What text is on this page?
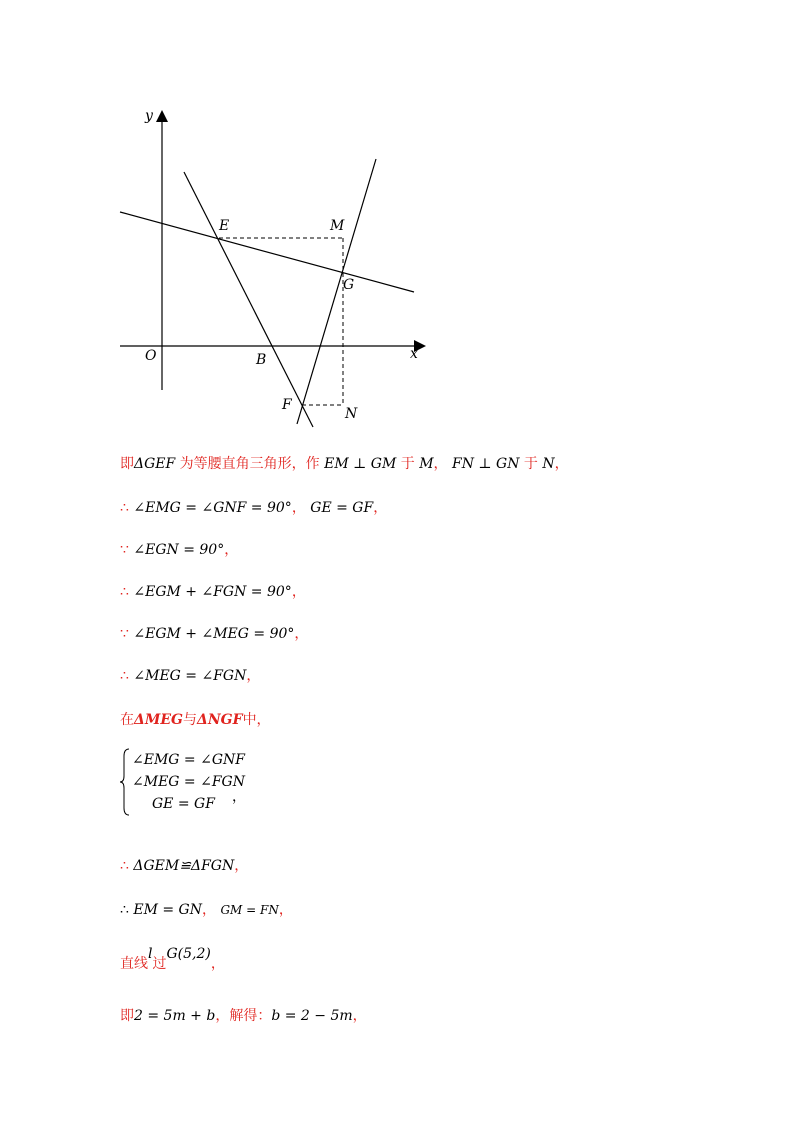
y
x
O
E	M
G
B
F
N
即ΔGEF 为等腰直角三角形，作 EM ⊥ GM 于 M， FN ⊥ GN 于 N，
∴ ∠EMG = ∠GNF = 90°， GE = GF，
∵ ∠EGN = 90°，
∴ ∠EGM + ∠FGN = 90°，
∵ ∠EGM + ∠MEG = 90°，
∴ ∠MEG = ∠FGN，
在ΔMEG与ΔNGF中，
∠EMG = ∠GNF
∠MEG = ∠FGN
GE = GF ，
∴ ΔGEM≌ΔFGN，
∴ EM = GN， GM = FN，
直线l过G(5,2)，
即2 = 5m + b，解得：b = 2 − 5m，
